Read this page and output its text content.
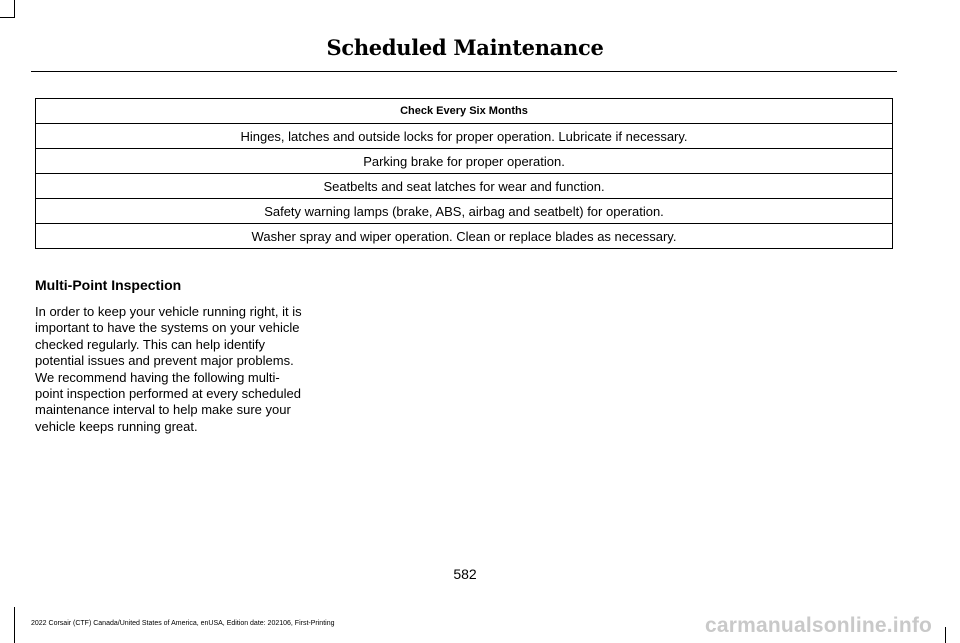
Scheduled Maintenance
Check Every Six Months
Hinges, latches and outside locks for proper operation. Lubricate if necessary.
Parking brake for proper operation.
Seatbelts and seat latches for wear and function.
Safety warning lamps (brake, ABS, airbag and seatbelt) for operation.
Washer spray and wiper operation. Clean or replace blades as necessary.
Multi-Point Inspection
In order to keep your vehicle running right, it is important to have the systems on your vehicle checked regularly. This can help identify potential issues and prevent major problems. We recommend having the following multi-point inspection performed at every scheduled maintenance interval to help make sure your vehicle keeps running great.
582
2022 Corsair (CTF) Canada/United States of America, enUSA, Edition date: 202106, First-Printing	carmanualsonline.info
